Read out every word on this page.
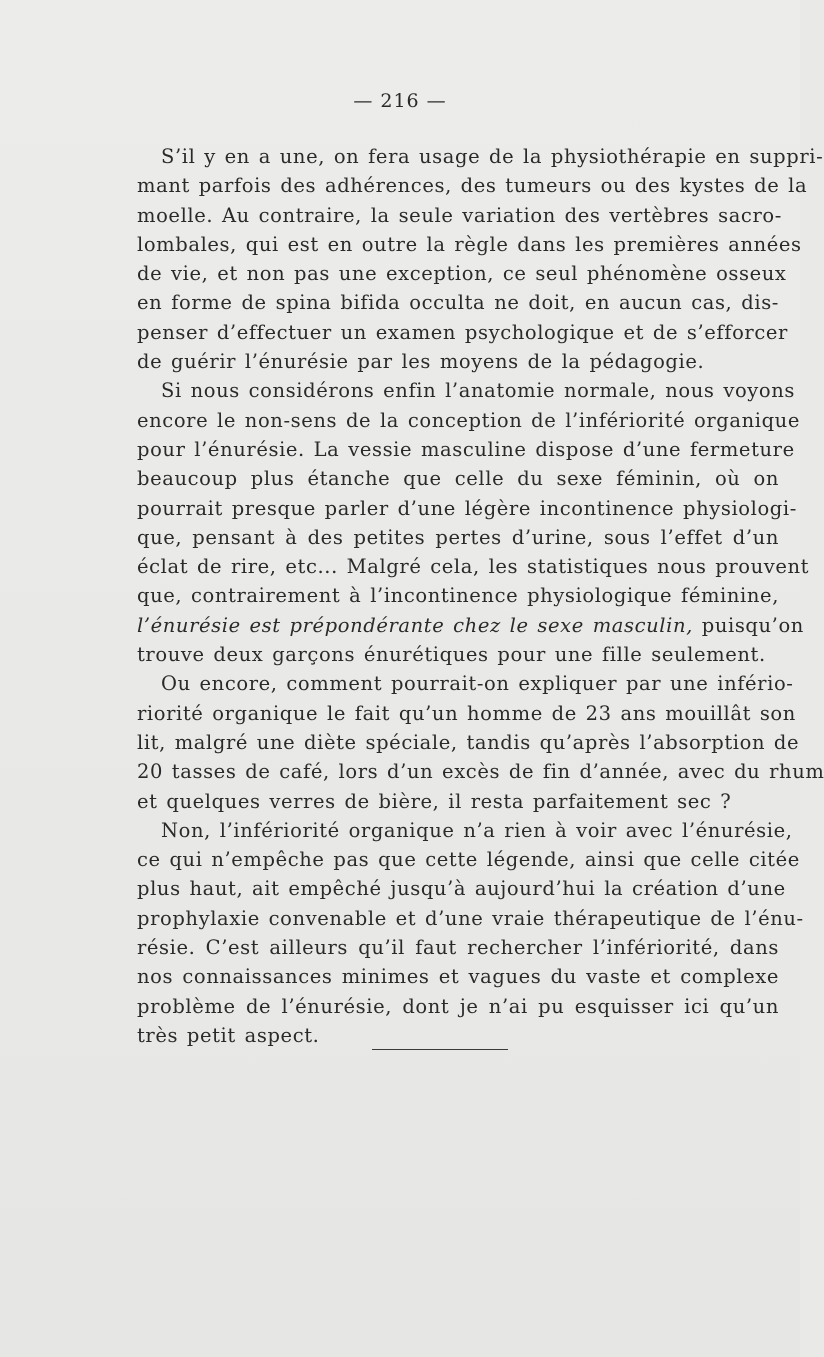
— 216 —
S’il y en a une, on fera usage de la physiothérapie en suppri-
mant parfois des adhérences, des tumeurs ou des kystes de la
moelle. Au contraire, la seule variation des vertèbres sacro-
lombales, qui est en outre la règle dans les premières années
de vie, et non pas une exception, ce seul phénomène osseux
en forme de spina bifida occulta ne doit, en aucun cas, dis-
penser d’effectuer un examen psychologique et de s’efforcer
de guérir l’énurésie par les moyens de la pédagogie.
Si nous considérons enfin l’anatomie normale, nous voyons
encore le non-sens de la conception de l’infériorité organique
pour l’énurésie. La vessie masculine dispose d’une fermeture
beaucoup plus étanche que celle du sexe féminin, où on
pourrait presque parler d’une légère incontinence physiologi-
que, pensant à des petites pertes d’urine, sous l’effet d’un
éclat de rire, etc... Malgré cela, les statistiques nous prouvent
que, contrairement à l’incontinence physiologique féminine,
l’énurésie est prépondérante chez le sexe masculin, puisqu’on
trouve deux garçons énurétiques pour une fille seulement.
Ou encore, comment pourrait-on expliquer par une infério-
riorité organique le fait qu’un homme de 23 ans mouillât son
lit, malgré une diète spéciale, tandis qu’après l’absorption de
20 tasses de café, lors d’un excès de fin d’année, avec du rhum
et quelques verres de bière, il resta parfaitement sec ?
Non, l’infériorité organique n’a rien à voir avec l’énurésie,
ce qui n’empêche pas que cette légende, ainsi que celle citée
plus haut, ait empêché jusqu’à aujourd’hui la création d’une
prophylaxie convenable et d’une vraie thérapeutique de l’énu-
résie. C’est ailleurs qu’il faut rechercher l’infériorité, dans
nos connaissances minimes et vagues du vaste et complexe
problème de l’énurésie, dont je n’ai pu esquisser ici qu’un
très petit aspect.
